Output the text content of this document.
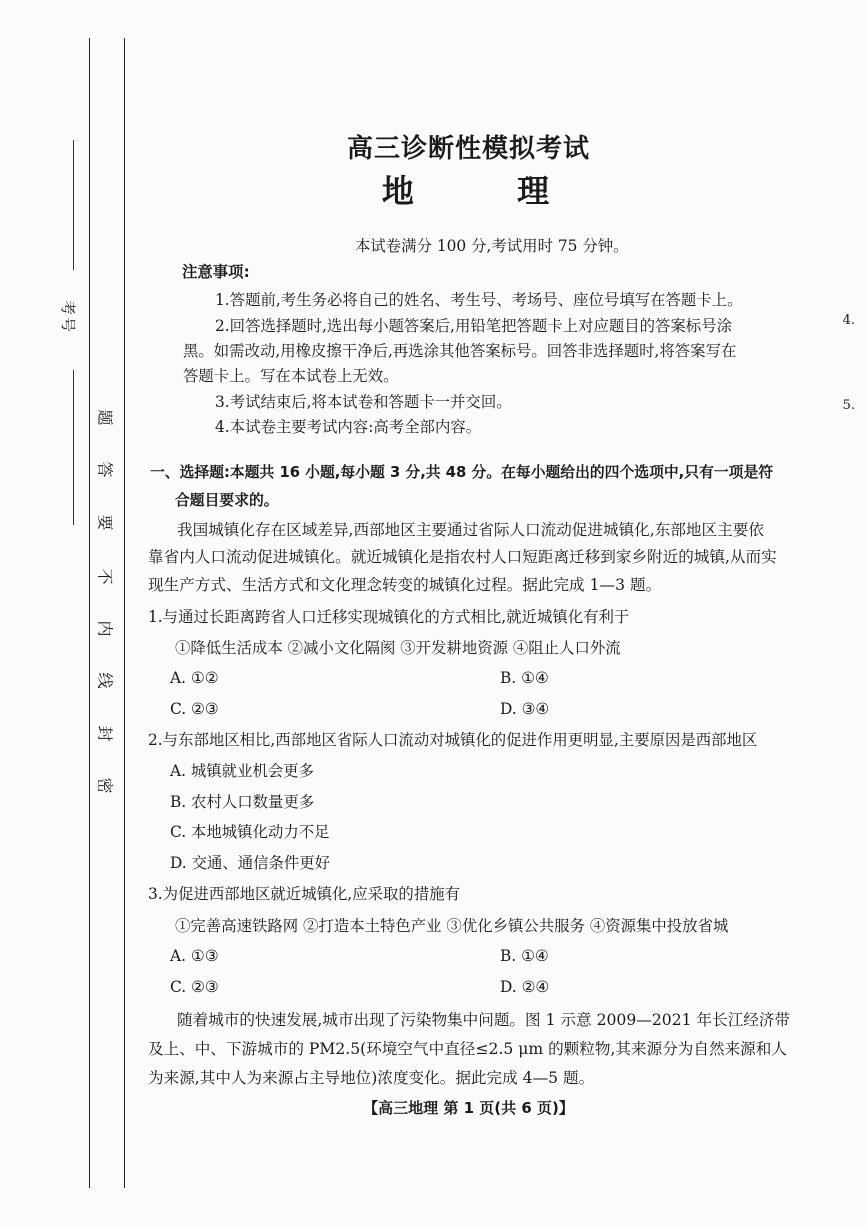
考号
题
答
要
不
内
线
封
密
4.
5.
高三诊断性模拟考试
地 理
本试卷满分 100 分,考试用时 75 分钟。
注意事项:
1.答题前,考生务必将自己的姓名、考生号、考场号、座位号填写在答题卡上。
2.回答选择题时,选出每小题答案后,用铅笔把答题卡上对应题目的答案标号涂
黑。如需改动,用橡皮擦干净后,再选涂其他答案标号。回答非选择题时,将答案写在
答题卡上。写在本试卷上无效。
3.考试结束后,将本试卷和答题卡一并交回。
4.本试卷主要考试内容:高考全部内容。
一、选择题:本题共 16 小题,每小题 3 分,共 48 分。在每小题给出的四个选项中,只有一项是符
合题目要求的。
我国城镇化存在区域差异,西部地区主要通过省际人口流动促进城镇化,东部地区主要依
靠省内人口流动促进城镇化。就近城镇化是指农村人口短距离迁移到家乡附近的城镇,从而实
现生产方式、生活方式和文化理念转变的城镇化过程。据此完成 1—3 题。
1.与通过长距离跨省人口迁移实现城镇化的方式相比,就近城镇化有利于
①降低生活成本 ②减小文化隔阂 ③开发耕地资源 ④阻止人口外流
A. ①②	B. ①④
C. ②③	D. ③④
2.与东部地区相比,西部地区省际人口流动对城镇化的促进作用更明显,主要原因是西部地区
A. 城镇就业机会更多
B. 农村人口数量更多
C. 本地城镇化动力不足
D. 交通、通信条件更好
3.为促进西部地区就近城镇化,应采取的措施有
①完善高速铁路网 ②打造本土特色产业 ③优化乡镇公共服务 ④资源集中投放省城
A. ①③	B. ①④
C. ②③	D. ②④
随着城市的快速发展,城市出现了污染物集中问题。图 1 示意 2009—2021 年长江经济带
及上、中、下游城市的 PM2.5(环境空气中直径≤2.5 μm 的颗粒物,其来源分为自然来源和人
为来源,其中人为来源占主导地位)浓度变化。据此完成 4—5 题。
【高三地理 第 1 页(共 6 页)】
